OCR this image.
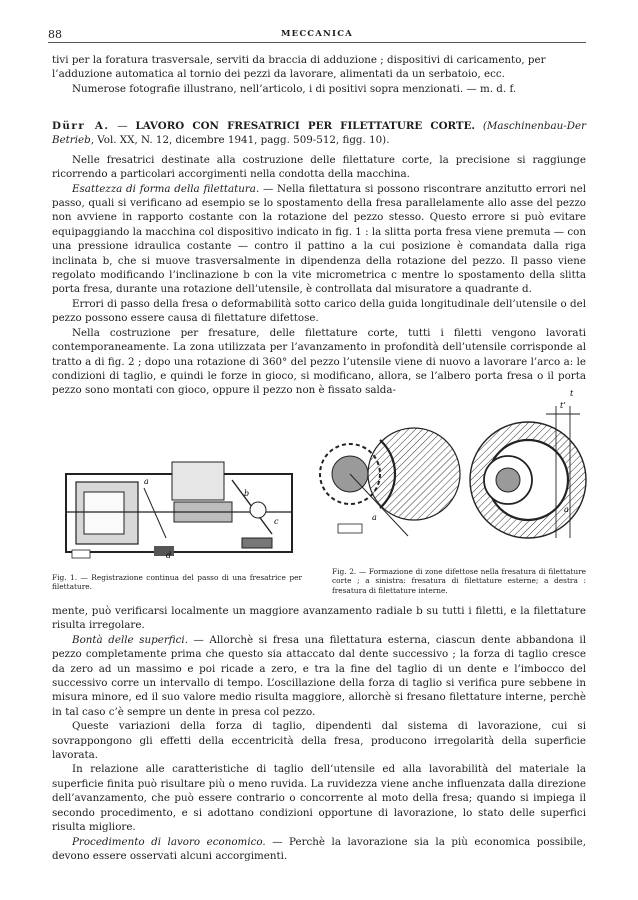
88	MECCANICA

tivi per la foratura trasversale, serviti da braccia di adduzione ; dispositivi di caricamento, per

l’adduzione automatica al tornio dei pezzi da lavorare, alimentati da un serbatoio, ecc.

Numerose fotografie illustrano, nell’articolo, i di positivi sopra menzionati. — m. d. f.

Dürr A. — LAVORO CON FRESATRICI PER FILETTATURE CORTE. (Maschinenbau-Der Betrieb, Vol. XX, N. 12, dicembre 1941, pagg. 509-512, figg. 10).

Nelle fresatrici destinate alla costruzione delle filettature corte, la precisione si raggiunge ricorrendo a particolari accorgimenti nella condotta della macchina.

Esattezza di forma della filettatura. — Nella filettatura si possono riscontrare anzitutto errori nel passo, quali si verificano ad esempio se lo spostamento della fresa parallelamente allo asse del pezzo non avviene in rapporto costante con la rotazione del pezzo stesso. Questo errore si può evitare equipaggiando la macchina col dispositivo indicato in fig. 1 : la slitta porta fresa viene premuta — con una pressione idraulica costante — contro il pattino a la cui posizione è comandata dalla riga inclinata b, che si muove trasversalmente in dipendenza della rotazione del pezzo. Il passo viene regolato modificando l’inclinazione b con la vite micrometrica c mentre lo spostamento della slitta porta fresa, durante una rotazione dell’utensile, è controllata dal misuratore a quadrante d.

Errori di passo della fresa o deformabilità sotto carico della guida longitudinale dell’utensile o del pezzo possono essere causa di filettature difettose.

Nella costruzione per fresature, delle filettature corte, tutti i filetti vengono lavorati contemporaneamente. La zona utilizzata per l’avanzamento in profondità dell’utensile corrisponde al tratto a di fig. 2 ; dopo una rotazione di 360° del pezzo l’utensile viene di nuovo a lavorare l’arco a: le condizioni di taglio, e quindi le forze in gioco, si modificano, allora, se l’albero porta fresa o il porta pezzo sono montati con gioco, oppure il pezzo non è fissato salda-

b
a
c
d
Fig. 1. — Registrazione continua del passo di una fresatrice per filettature.
a
t’
t
a
Fig. 2. — Formazione di zone difettose nella fresatura di filettature corte ; a sinistra: fresatura di filettature esterne; a destra : fresatura di filettature interne.

mente, può verificarsi localmente un maggiore avanzamento radiale b su tutti i filetti, e la filettature risulta irregolare.

Bontà delle superfici. — Allorchè si fresa una filettatura esterna, ciascun dente abbandona il pezzo completamente prima che questo sia attaccato dal dente successivo ; la forza di taglio cresce da zero ad un massimo e poi ricade a zero, e tra la fine del taglio di un dente e l’imbocco del successivo corre un intervallo di tempo. L’oscillazione della forza di taglio si verifica pure sebbene in misura minore, ed il suo valore medio risulta maggiore, allorchè si fresano filettature interne, perchè in tal caso c’è sempre un dente in presa col pezzo.

Queste variazioni della forza di taglio, dipendenti dal sistema di lavorazione, cui si sovrappongono gli effetti della eccentricità della fresa, producono irregolarità della superficie lavorata.

In relazione alle caratteristiche di taglio dell’utensile ed alla lavorabilità del materiale la superficie finita può risultare più o meno ruvida. La ruvidezza viene anche influenzata dalla direzione dell’avanzamento, che può essere contrario o concorrente al moto della fresa; quando si impiega il secondo procedimento, e si adottano condizioni opportune di lavorazione, lo stato delle superfici risulta migliore.

Procedimento di lavoro economico. — Perchè la lavorazione sia la più economica possibile, devono essere osservati alcuni accorgimenti.
